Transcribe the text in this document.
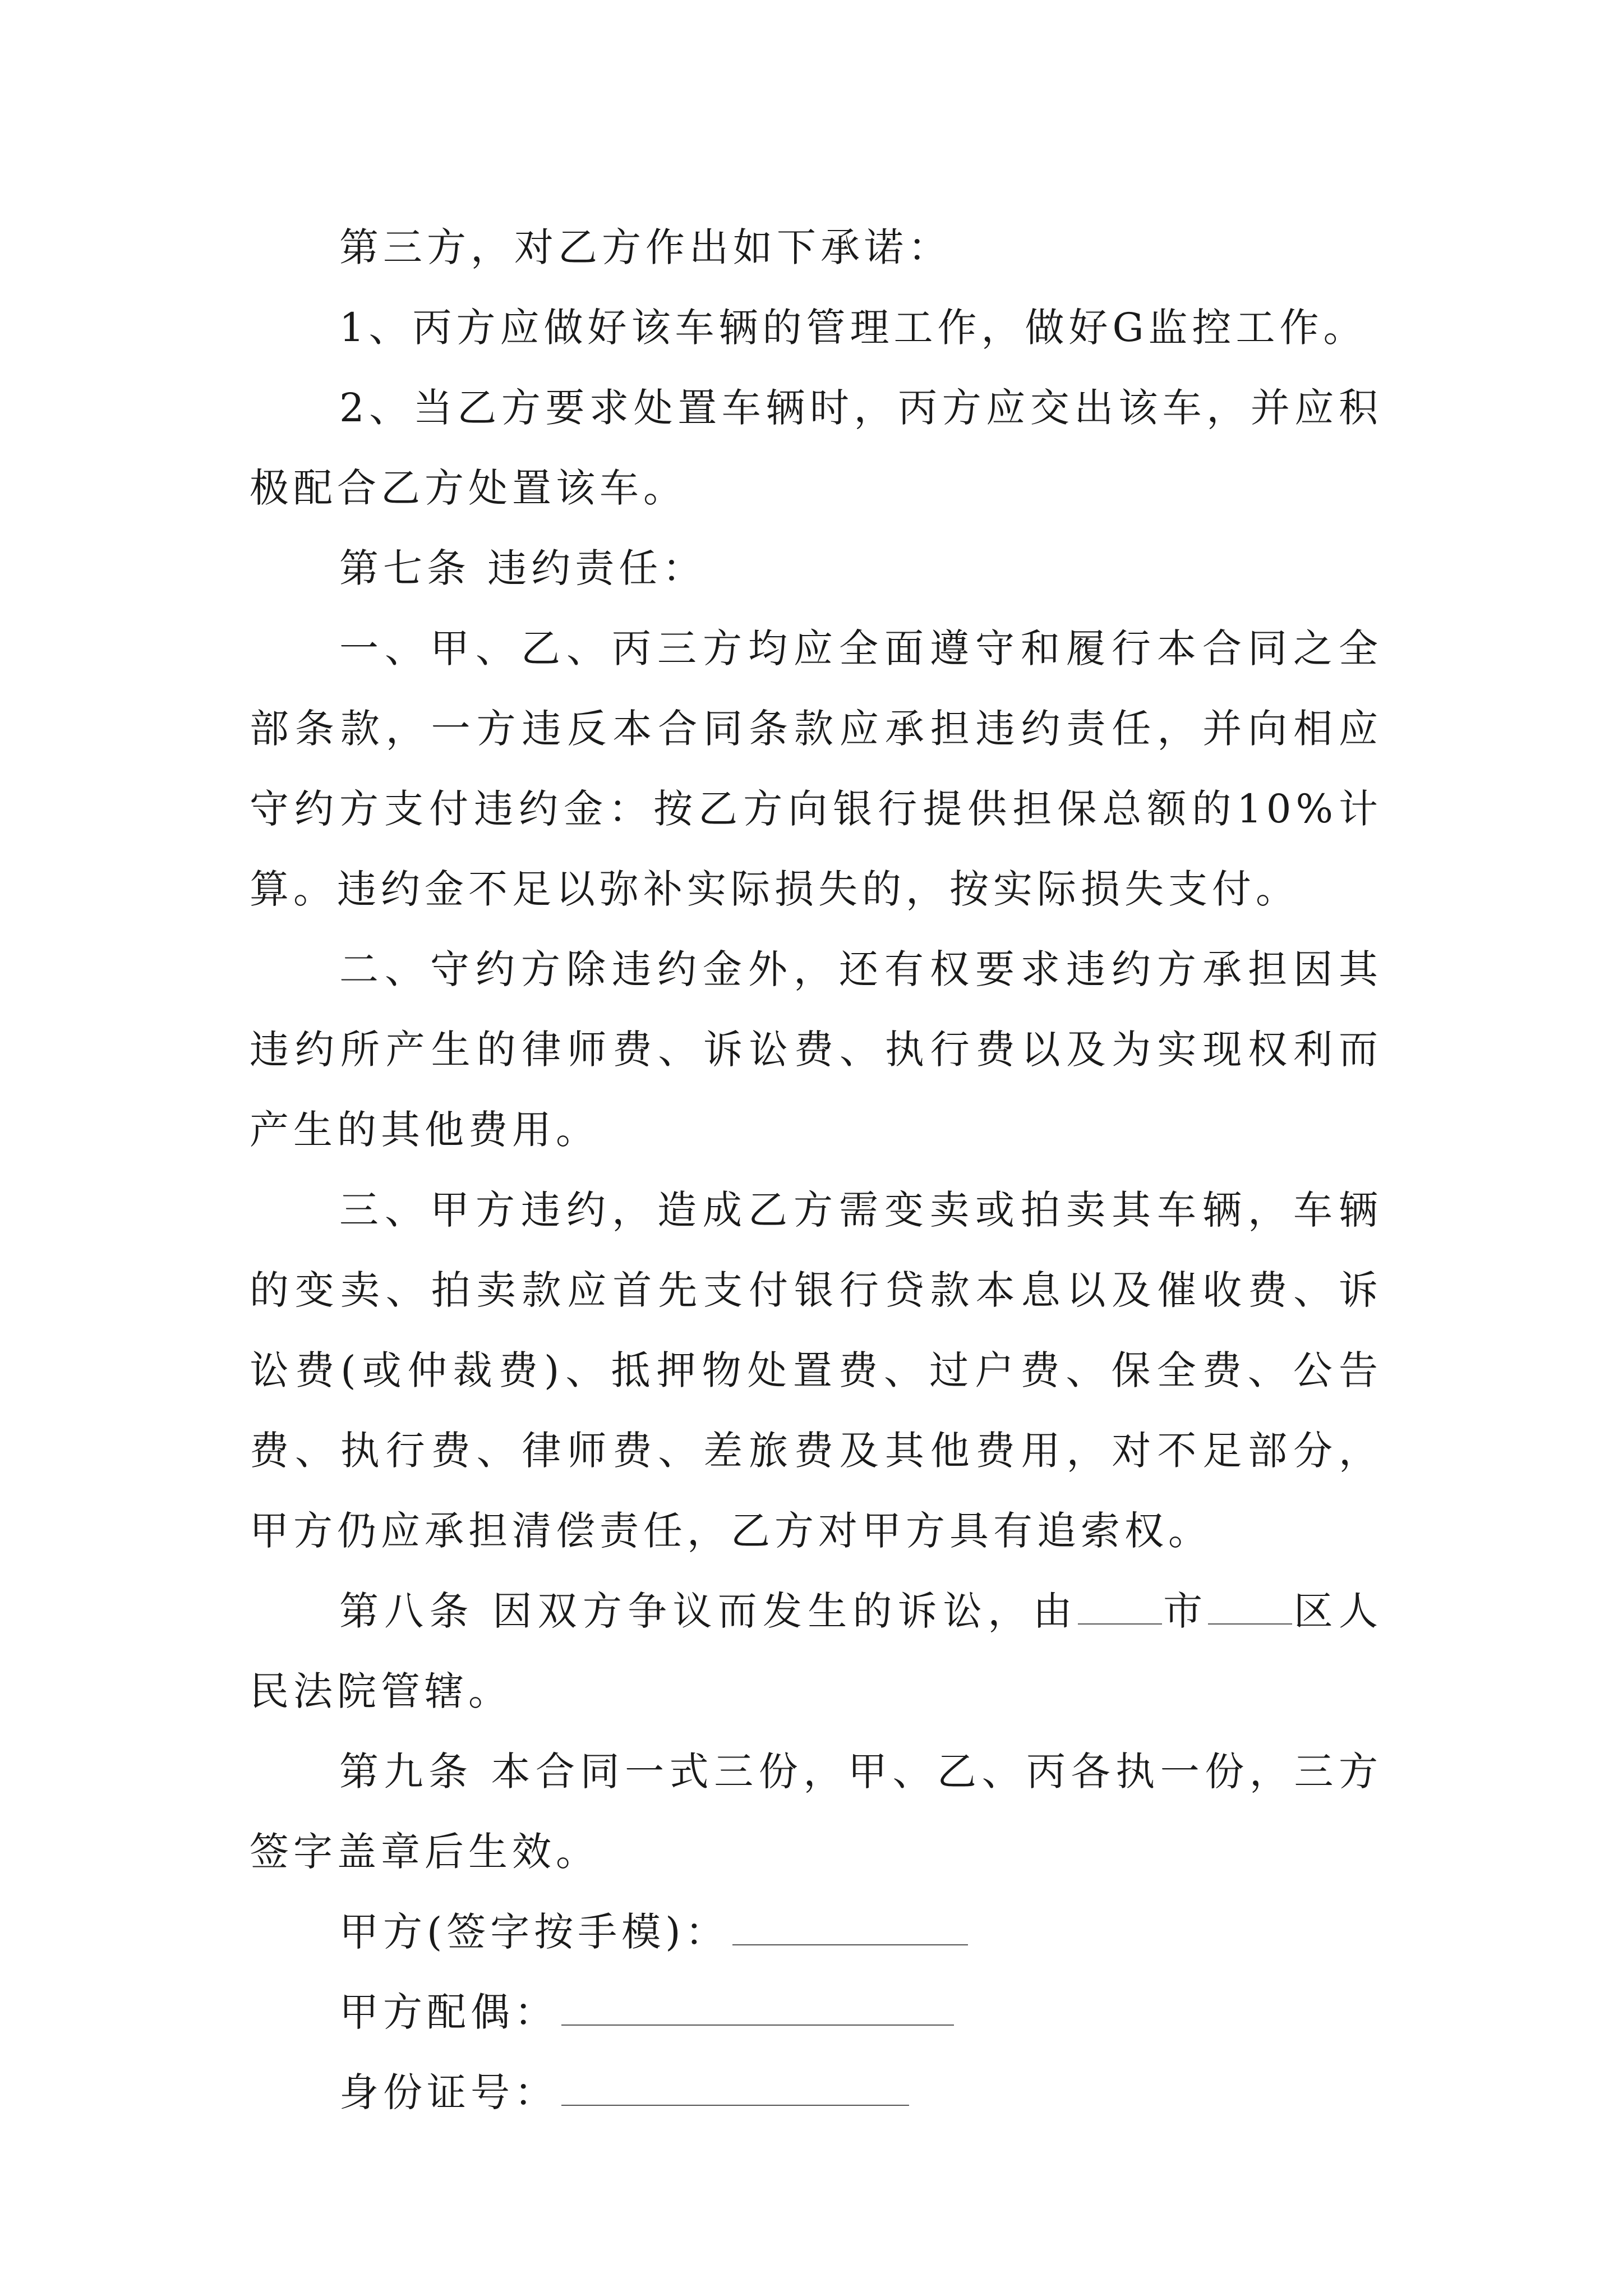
第三方，对乙方作出如下承诺：

1、丙方应做好该车辆的管理工作，做好G监控工作。

2、当乙方要求处置车辆时，丙方应交出该车，并应积极配合乙方处置该车。

第七条 违约责任：

一、甲、乙、丙三方均应全面遵守和履行本合同之全部条款，一方违反本合同条款应承担违约责任，并向相应守约方支付违约金：按乙方向银行提供担保总额的10%计算。违约金不足以弥补实际损失的，按实际损失支付。

二、守约方除违约金外，还有权要求违约方承担因其违约所产生的律师费、诉讼费、执行费以及为实现权利而产生的其他费用。

三、甲方违约，造成乙方需变卖或拍卖其车辆，车辆的变卖、拍卖款应首先支付银行贷款本息以及催收费、诉讼费(或仲裁费)、抵押物处置费、过户费、保全费、公告费、执行费、律师费、差旅费及其他费用，对不足部分，甲方仍应承担清偿责任，乙方对甲方具有追索权。

第八条 因双方争议而发生的诉讼，由 市 区人民法院管辖。

第九条 本合同一式三份，甲、乙、丙各执一份，三方签字盖章后生效。

甲方(签字按手模)：

甲方配偶：

身份证号：
